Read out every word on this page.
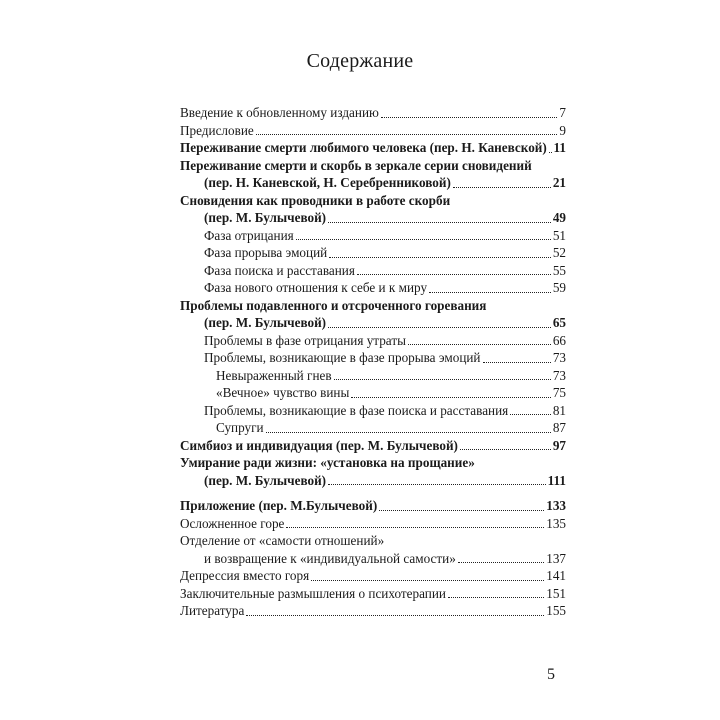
Содержание
Введение к обновленному изданию	7
Предисловие	9
Переживание смерти любимого человека (пер. Н. Каневской) 11
Переживание смерти и скорбь в зеркале серии сновидений
(пер. Н. Каневской, Н. Серебренниковой)	21
Сновидения как проводники в работе скорби
(пер. М. Булычевой)	49
Фаза отрицания	51
Фаза прорыва эмоций	52
Фаза поиска и расставания	55
Фаза нового отношения к себе и к миру	59
Проблемы подавленного и отсроченного горевания
(пер. М. Булычевой)	65
Проблемы в фазе отрицания утраты	66
Проблемы, возникающие в фазе прорыва эмоций	73
Невыраженный гнев	73
«Вечное» чувство вины	75
Проблемы, возникающие в фазе поиска и расставания	81
Супруги	87
Симбиоз и индивидуация (пер. М. Булычевой)	97
Умирание ради жизни: «установка на прощание»
(пер. М. Булычевой)	111
Приложение (пер. М.Булычевой)	133
Осложненное горе	135
Отделение от «самости отношений»
и возвращение к «индивидуальной самости»	137
Депрессия вместо горя	141
Заключительные размышления о психотерапии	151
Литература	155
5
